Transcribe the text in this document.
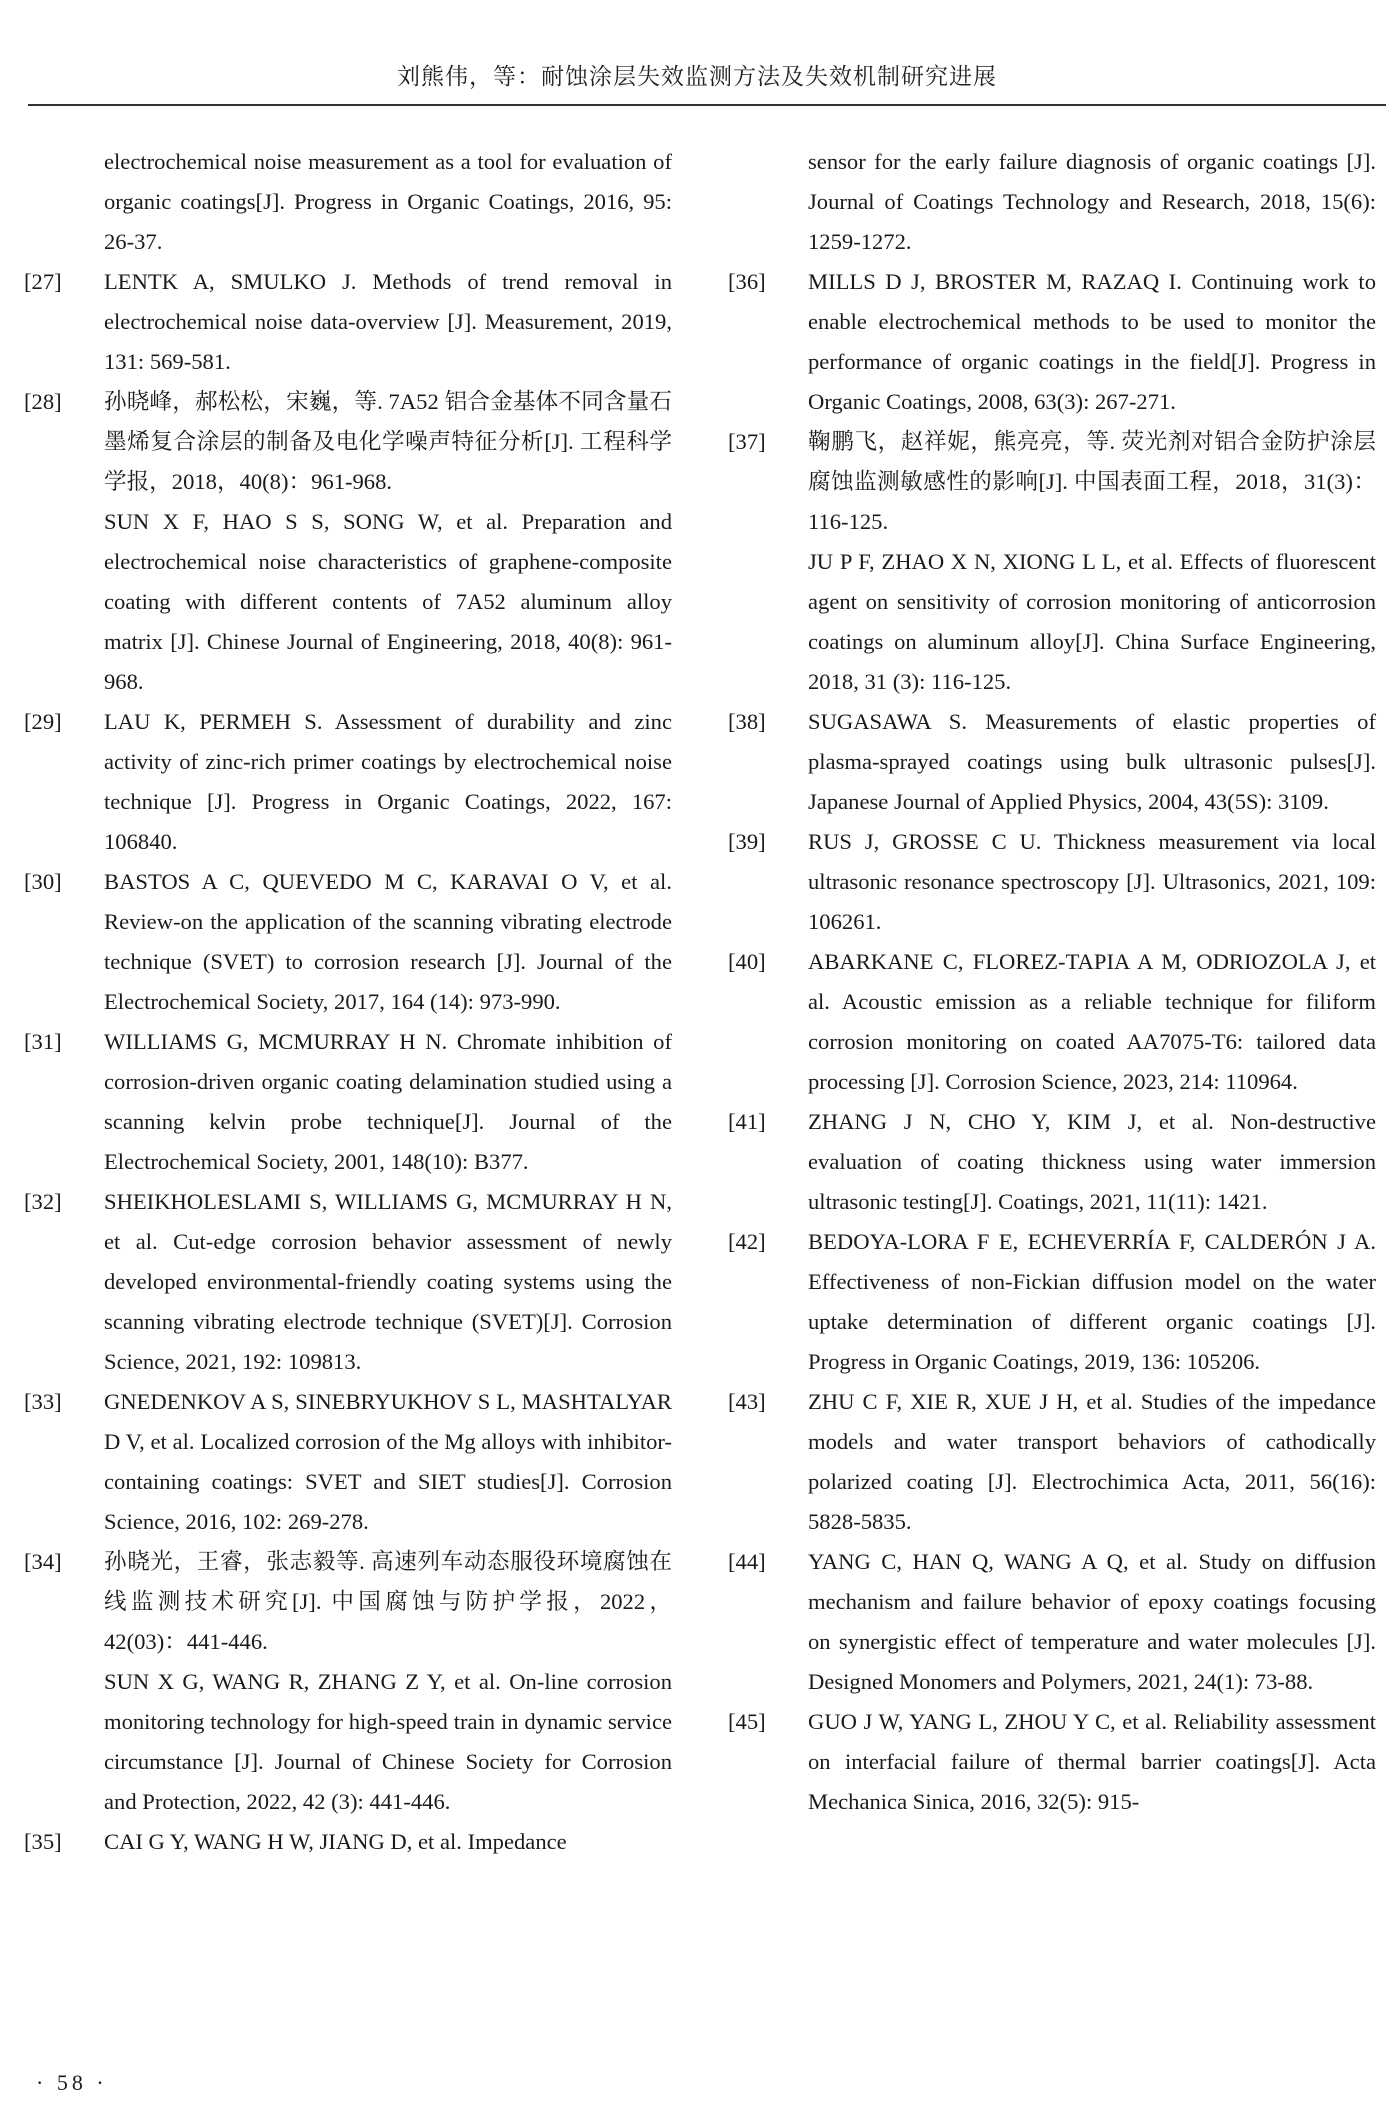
刘熊伟，等：耐蚀涂层失效监测方法及失效机制研究进展
electrochemical noise measurement as a tool for evaluation of organic coatings[J]. Progress in Organic Coatings, 2016, 95: 26-37.
[27]	LENTK A, SMULKO J. Methods of trend removal in electrochemical noise data-overview [J]. Measurement, 2019, 131: 569-581.
[28]	孙晓峰，郝松松，宋巍，等. 7A52 铝合金基体不同含量石墨烯复合涂层的制备及电化学噪声特征分析[J]. 工程科学学报，2018，40(8)：961-968.
SUN X F, HAO S S, SONG W, et al. Preparation and electrochemical noise characteristics of graphene-composite coating with different contents of 7A52 aluminum alloy matrix [J]. Chinese Journal of Engineering, 2018, 40(8): 961-968.
[29]	LAU K, PERMEH S. Assessment of durability and zinc activity of zinc-rich primer coatings by electrochemical noise technique [J]. Progress in Organic Coatings, 2022, 167: 106840.
[30]	BASTOS A C, QUEVEDO M C, KARAVAI O V, et al. Review-on the application of the scanning vibrating electrode technique (SVET) to corrosion research [J]. Journal of the Electrochemical Society, 2017, 164 (14): 973-990.
[31]	WILLIAMS G, MCMURRAY H N. Chromate inhibition of corrosion-driven organic coating delamination studied using a scanning kelvin probe technique[J]. Journal of the Electrochemical Society, 2001, 148(10): B377.
[32]	SHEIKHOLESLAMI S, WILLIAMS G, MCMURRAY H N, et al. Cut-edge corrosion behavior assessment of newly developed environmental-friendly coating systems using the scanning vibrating electrode technique (SVET)[J]. Corrosion Science, 2021, 192: 109813.
[33]	GNEDENKOV A S, SINEBRYUKHOV S L, MASHTALYAR D V, et al. Localized corrosion of the Mg alloys with inhibitor-containing coatings: SVET and SIET studies[J]. Corrosion Science, 2016, 102: 269-278.
[34]	孙晓光，王睿，张志毅等. 高速列车动态服役环境腐蚀在线监测技术研究[J]. 中国腐蚀与防护学报，2022，42(03)：441-446.
SUN X G, WANG R, ZHANG Z Y, et al. On-line corrosion monitoring technology for high-speed train in dynamic service circumstance [J]. Journal of Chinese Society for Corrosion and Protection, 2022, 42 (3): 441-446.
[35]	CAI G Y, WANG H W, JIANG D, et al. Impedance
sensor for the early failure diagnosis of organic coatings [J]. Journal of Coatings Technology and Research, 2018, 15(6): 1259-1272.
[36]	MILLS D J, BROSTER M, RAZAQ I. Continuing work to enable electrochemical methods to be used to monitor the performance of organic coatings in the field[J]. Progress in Organic Coatings, 2008, 63(3): 267-271.
[37]	鞠鹏飞，赵祥妮，熊亮亮，等. 荧光剂对铝合金防护涂层腐蚀监测敏感性的影响[J]. 中国表面工程，2018，31(3)：116-125.
JU P F, ZHAO X N, XIONG L L, et al. Effects of fluorescent agent on sensitivity of corrosion monitoring of anticorrosion coatings on aluminum alloy[J]. China Surface Engineering, 2018, 31 (3): 116-125.
[38]	SUGASAWA S. Measurements of elastic properties of plasma-sprayed coatings using bulk ultrasonic pulses[J]. Japanese Journal of Applied Physics, 2004, 43(5S): 3109.
[39]	RUS J, GROSSE C U. Thickness measurement via local ultrasonic resonance spectroscopy [J]. Ultrasonics, 2021, 109: 106261.
[40]	ABARKANE C, FLOREZ-TAPIA A M, ODRIOZOLA J, et al. Acoustic emission as a reliable technique for filiform corrosion monitoring on coated AA7075-T6: tailored data processing [J]. Corrosion Science, 2023, 214: 110964.
[41]	ZHANG J N, CHO Y, KIM J, et al. Non-destructive evaluation of coating thickness using water immersion ultrasonic testing[J]. Coatings, 2021, 11(11): 1421.
[42]	BEDOYA-LORA F E, ECHEVERRÍA F, CALDERÓN J A. Effectiveness of non-Fickian diffusion model on the water uptake determination of different organic coatings [J]. Progress in Organic Coatings, 2019, 136: 105206.
[43]	ZHU C F, XIE R, XUE J H, et al. Studies of the impedance models and water transport behaviors of cathodically polarized coating [J]. Electrochimica Acta, 2011, 56(16): 5828-5835.
[44]	YANG C, HAN Q, WANG A Q, et al. Study on diffusion mechanism and failure behavior of epoxy coatings focusing on synergistic effect of temperature and water molecules [J]. Designed Monomers and Polymers, 2021, 24(1): 73-88.
[45]	GUO J W, YANG L, ZHOU Y C, et al. Reliability assessment on interfacial failure of thermal barrier coatings[J]. Acta Mechanica Sinica, 2016, 32(5): 915-
· 58 ·
